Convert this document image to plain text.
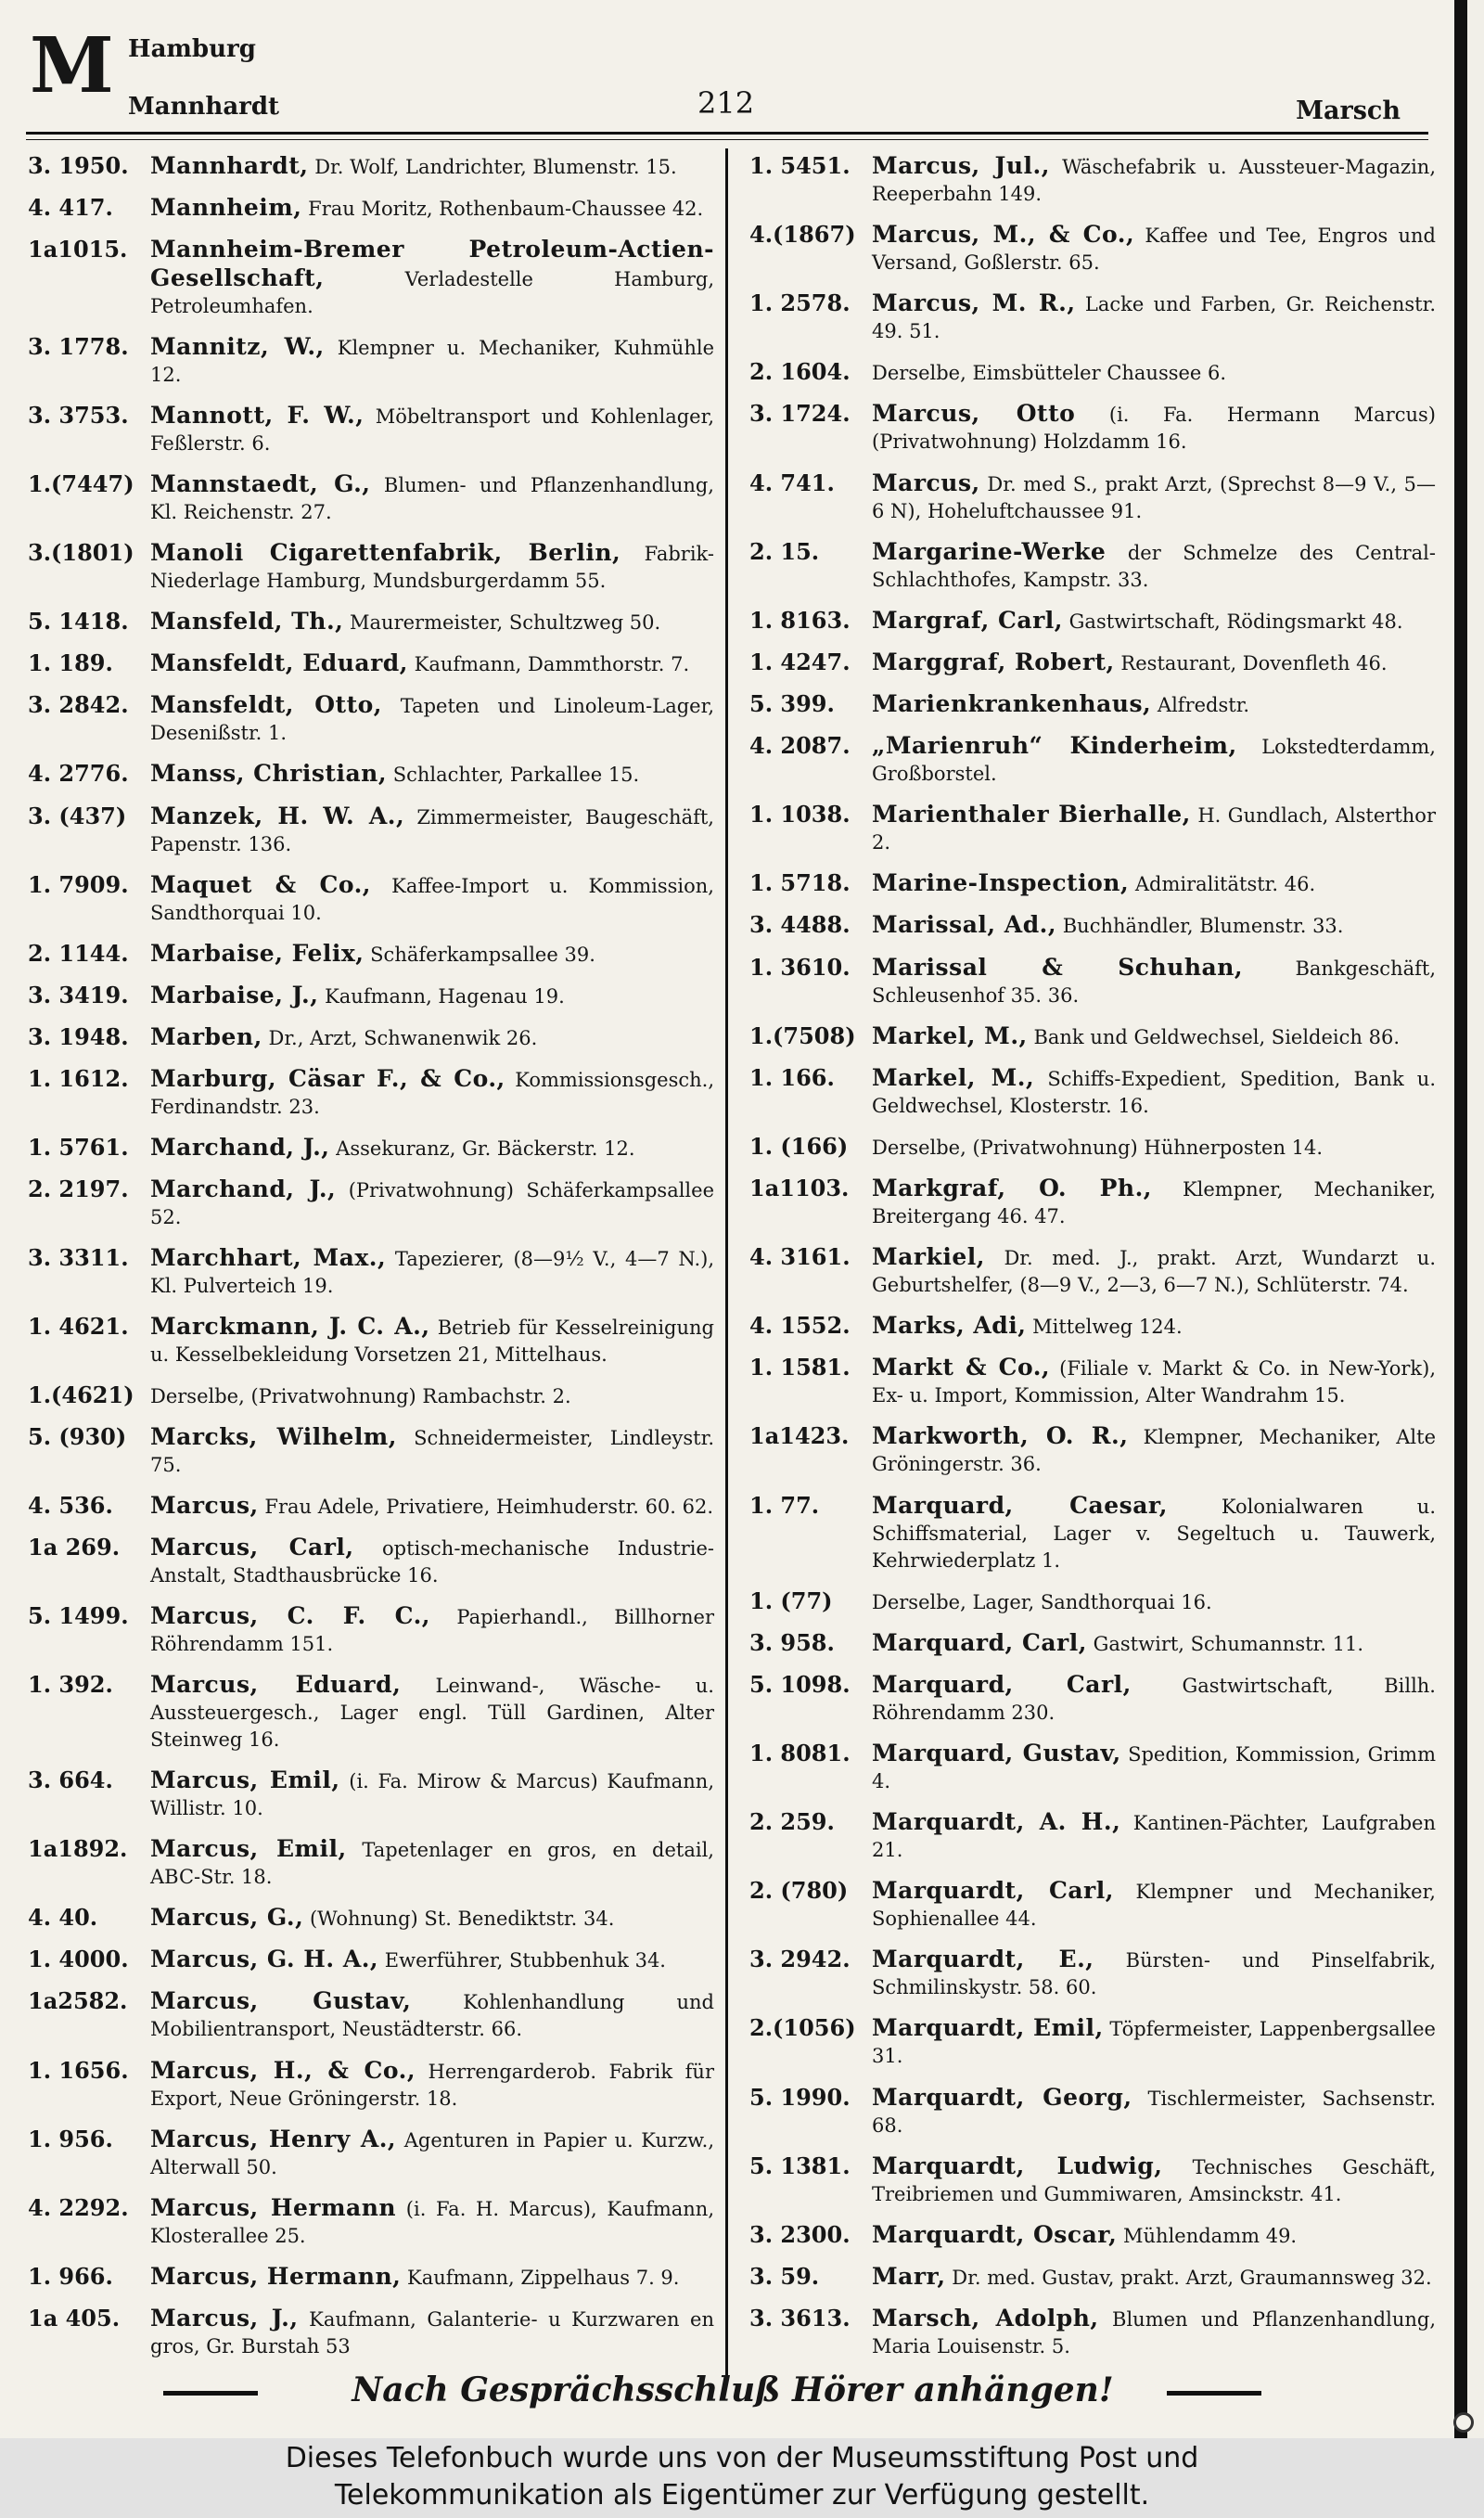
M Hamburg
Mannhardt	212	Marsch
3. 1950. Mannhardt, Dr. Wolf, Landrichter, Blumenstr. 15.
4. 417.	Mannheim, Frau Moritz, Rothenbaum-Chaussee 42.
1a1015. Mannheim-Bremer Petroleum-Actien-Gesellschaft, Verladestelle Hamburg, Petroleumhafen.
3. 1778. Mannitz, W., Klempner u. Mechaniker, Kuhmühle 12.
3. 3753. Mannott, F. W., Möbeltransport und Kohlenlager, Feßlerstr. 6.
1.(7447) Mannstaedt, G., Blumen- und Pflanzenhandlung, Kl. Reichenstr. 27.
3.(1801) Manoli Cigarettenfabrik, Berlin, Fabrik-Niederlage Hamburg, Mundsburgerdamm 55.
5. 1418. Mansfeld, Th., Maurermeister, Schultzweg 50.
1. 189.	Mansfeldt, Eduard, Kaufmann, Dammthorstr. 7.
3. 2842. Mansfeldt, Otto, Tapeten und Linoleum-Lager, Desenißstr. 1.
4. 2776. Manss, Christian, Schlachter, Parkallee 15.
3. (437)	Manzek, H. W. A., Zimmermeister, Baugeschäft, Papenstr. 136.
1. 7909. Maquet & Co., Kaffee-Import u. Kommission, Sandthorquai 10.
2. 1144. Marbaise, Felix, Schäferkampsallee 39.
3. 3419. Marbaise, J., Kaufmann, Hagenau 19.
3. 1948. Marben, Dr., Arzt, Schwanenwik 26.
1. 1612. Marburg, Cäsar F., & Co., Kommissionsgesch., Ferdinandstr. 23.
1. 5761. Marchand, J., Assekuranz, Gr. Bäckerstr. 12.
2. 2197. Marchand, J., (Privatwohnung) Schäferkampsallee 52.
3. 3311. Marchhart, Max., Tapezierer, (8—9½ V., 4—7 N.), Kl. Pulverteich 19.
1. 4621. Marckmann, J. C. A., Betrieb für Kesselreinigung u. Kesselbekleidung Vorsetzen 21, Mittelhaus.
1.(4621) Derselbe, (Privatwohnung) Rambachstr. 2.
5. (930)	Marcks, Wilhelm, Schneidermeister, Lindleystr. 75.
4. 536.	Marcus, Frau Adele, Privatiere, Heimhuderstr. 60. 62.
1a 269.	Marcus, Carl, optisch-mechanische Industrie-Anstalt, Stadthausbrücke 16.
5. 1499. Marcus, C. F. C., Papierhandl., Billhorner Röhrendamm 151.
1. 392.	Marcus, Eduard, Leinwand-, Wäsche- u. Aussteuergesch., Lager engl. Tüll Gardinen, Alter Steinweg 16.
3. 664.	Marcus, Emil, (i. Fa. Mirow & Marcus) Kaufmann, Willistr. 10.
1a1892. Marcus, Emil, Tapetenlager en gros, en detail, ABC-Str. 18.
4. 40.	Marcus, G., (Wohnung) St. Benediktstr. 34.
1. 4000. Marcus, G. H. A., Ewerführer, Stubbenhuk 34.
1a2582. Marcus, Gustav, Kohlenhandlung und Mobilientransport, Neustädterstr. 66.
1. 1656. Marcus, H., & Co., Herrengarderob. Fabrik für Export, Neue Gröningerstr. 18.
1. 956.	Marcus, Henry A., Agenturen in Papier u. Kurzw., Alterwall 50.
4. 2292. Marcus, Hermann (i. Fa. H. Marcus), Kaufmann, Klosterallee 25.
1. 966.	Marcus, Hermann, Kaufmann, Zippelhaus 7. 9.
1a 405.	Marcus, J., Kaufmann, Galanterie- u Kurzwaren en gros, Gr. Burstah 53
1. 5451. Marcus, Jul., Wäschefabrik u. Aussteuer-Magazin, Reeperbahn 149.
4.(1867) Marcus, M., & Co., Kaffee und Tee, Engros und Versand, Goßlerstr. 65.
1. 2578. Marcus, M. R., Lacke und Farben, Gr. Reichenstr. 49. 51.
2. 1604.	Derselbe, Eimsbütteler Chaussee 6.
3. 1724. Marcus, Otto (i. Fa. Hermann Marcus) (Privatwohnung) Holzdamm 16.
4. 741.	Marcus, Dr. med S., prakt Arzt, (Sprechst 8—9 V., 5—6 N), Hoheluftchaussee 91.
2. 15.	Margarine-Werke der Schmelze des Central-Schlachthofes, Kampstr. 33.
1. 8163. Margraf, Carl, Gastwirtschaft, Rödingsmarkt 48.
1. 4247. Marggraf, Robert, Restaurant, Dovenfleth 46.
5. 399.	Marienkrankenhaus, Alfredstr.
4. 2087. „Marienruh“ Kinderheim, Lokstedterdamm, Großborstel.
1. 1038. Marienthaler Bierhalle, H. Gundlach, Alsterthor 2.
1. 5718. Marine-Inspection, Admiralitätstr. 46.
3. 4488. Marissal, Ad., Buchhändler, Blumenstr. 33.
1. 3610. Marissal & Schuhan, Bankgeschäft, Schleusenhof 35. 36.
1.(7508) Markel, M., Bank und Geldwechsel, Sieldeich 86.
1. 166.	Markel, M., Schiffs-Expedient, Spedition, Bank u. Geldwechsel, Klosterstr. 16.
1. (166)	Derselbe, (Privatwohnung) Hühnerposten 14.
1a1103. Markgraf, O. Ph., Klempner, Mechaniker, Breitergang 46. 47.
4. 3161. Markiel, Dr. med. J., prakt. Arzt, Wundarzt u. Geburtshelfer, (8—9 V., 2—3, 6—7 N.), Schlüterstr. 74.
4. 1552. Marks, Adi, Mittelweg 124.
1. 1581. Markt & Co., (Filiale v. Markt & Co. in New-York), Ex- u. Import, Kommission, Alter Wandrahm 15.
1a1423. Markworth, O. R., Klempner, Mechaniker, Alte Gröningerstr. 36.
1. 77.	Marquard, Caesar, Kolonialwaren u. Schiffsmaterial, Lager v. Segeltuch u. Tauwerk, Kehrwiederplatz 1.
1. (77)	Derselbe, Lager, Sandthorquai 16.
3. 958.	Marquard, Carl, Gastwirt, Schumannstr. 11.
5. 1098. Marquard, Carl, Gastwirtschaft, Billh. Röhrendamm 230.
1. 8081. Marquard, Gustav, Spedition, Kommission, Grimm 4.
2. 259.	Marquardt, A. H., Kantinen-Pächter, Laufgraben 21.
2. (780)	Marquardt, Carl, Klempner und Mechaniker, Sophienallee 44.
3. 2942. Marquardt, E., Bürsten- und Pinselfabrik, Schmilinskystr. 58. 60.
2.(1056) Marquardt, Emil, Töpfermeister, Lappenbergsallee 31.
5. 1990. Marquardt, Georg, Tischlermeister, Sachsenstr. 68.
5. 1381. Marquardt, Ludwig, Technisches Geschäft, Treibriemen und Gummiwaren, Amsinckstr. 41.
3. 2300. Marquardt, Oscar, Mühlendamm 49.
3. 59.	Marr, Dr. med. Gustav, prakt. Arzt, Graumannsweg 32.
3. 3613. Marsch, Adolph, Blumen und Pflanzenhandlung, Maria Louisenstr. 5.
Nach Gesprächsschluß Hörer anhängen!
Dieses Telefonbuch wurde uns von der Museumsstiftung Post und
Telekommunikation als Eigentümer zur Verfügung gestellt.
